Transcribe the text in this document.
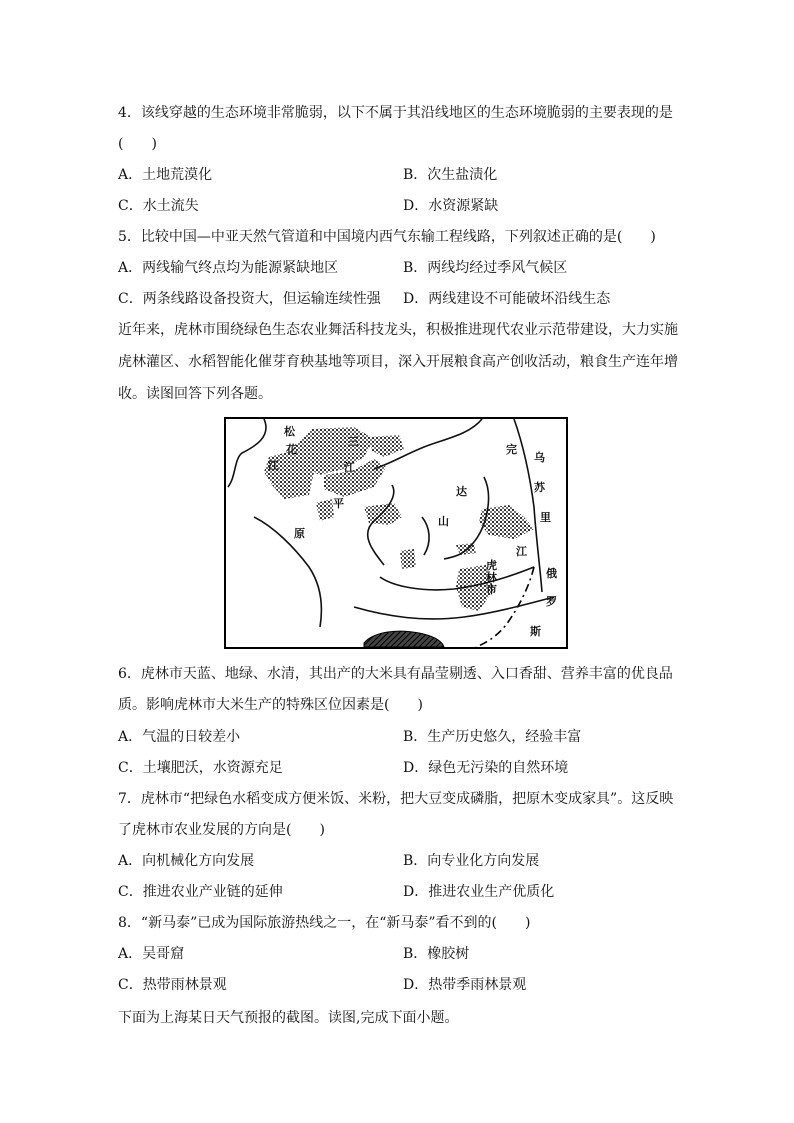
4．该线穿越的生态环境非常脆弱，以下不属于其沿线地区的生态环境脆弱的主要表现的是
(　　)
A．土地荒漠化	B．次生盐渍化
C．水土流失	D．水资源紧缺
5．比较中国—中亚天然气管道和中国境内西气东输工程线路，下列叙述正确的是(　　)
A．两线输气终点均为能源紧缺地区	B．两线均经过季风气候区
C．两条线路设备投资大，但运输连续性强 D．两线建设不可能破坏沿线生态
近年来，虎林市围绕绿色生态农业舞活科技龙头，积极推进现代农业示范带建设，大力实施
虎林灌区、水稻智能化催芽育秧基地等项目，深入开展粮食高产创收活动，粮食生产连年增
收。读图回答下列各题。
松
花
江
三
江
平
原
完
达
山
乌
苏
里
江
虎
林
市
俄
罗
斯
6．虎林市天蓝、地绿、水清，其出产的大米具有晶莹剔透、入口香甜、营养丰富的优良品
质。影响虎林市大米生产的特殊区位因素是(　　)
A．气温的日较差小	B．生产历史悠久，经验丰富
C．土壤肥沃，水资源充足	D．绿色无污染的自然环境
7．虎林市“把绿色水稻变成方便米饭、米粉，把大豆变成磷脂，把原木变成家具”。这反映
了虎林市农业发展的方向是(　　)
A．向机械化方向发展	B．向专业化方向发展
C．推进农业产业链的延伸	D．推进农业生产优质化
8．“新马泰”已成为国际旅游热线之一，在“新马泰”看不到的(　　)
A．吴哥窟	B．橡胶树
C．热带雨林景观	D．热带季雨林景观
下面为上海某日天气预报的截图。读图,完成下面小题。
